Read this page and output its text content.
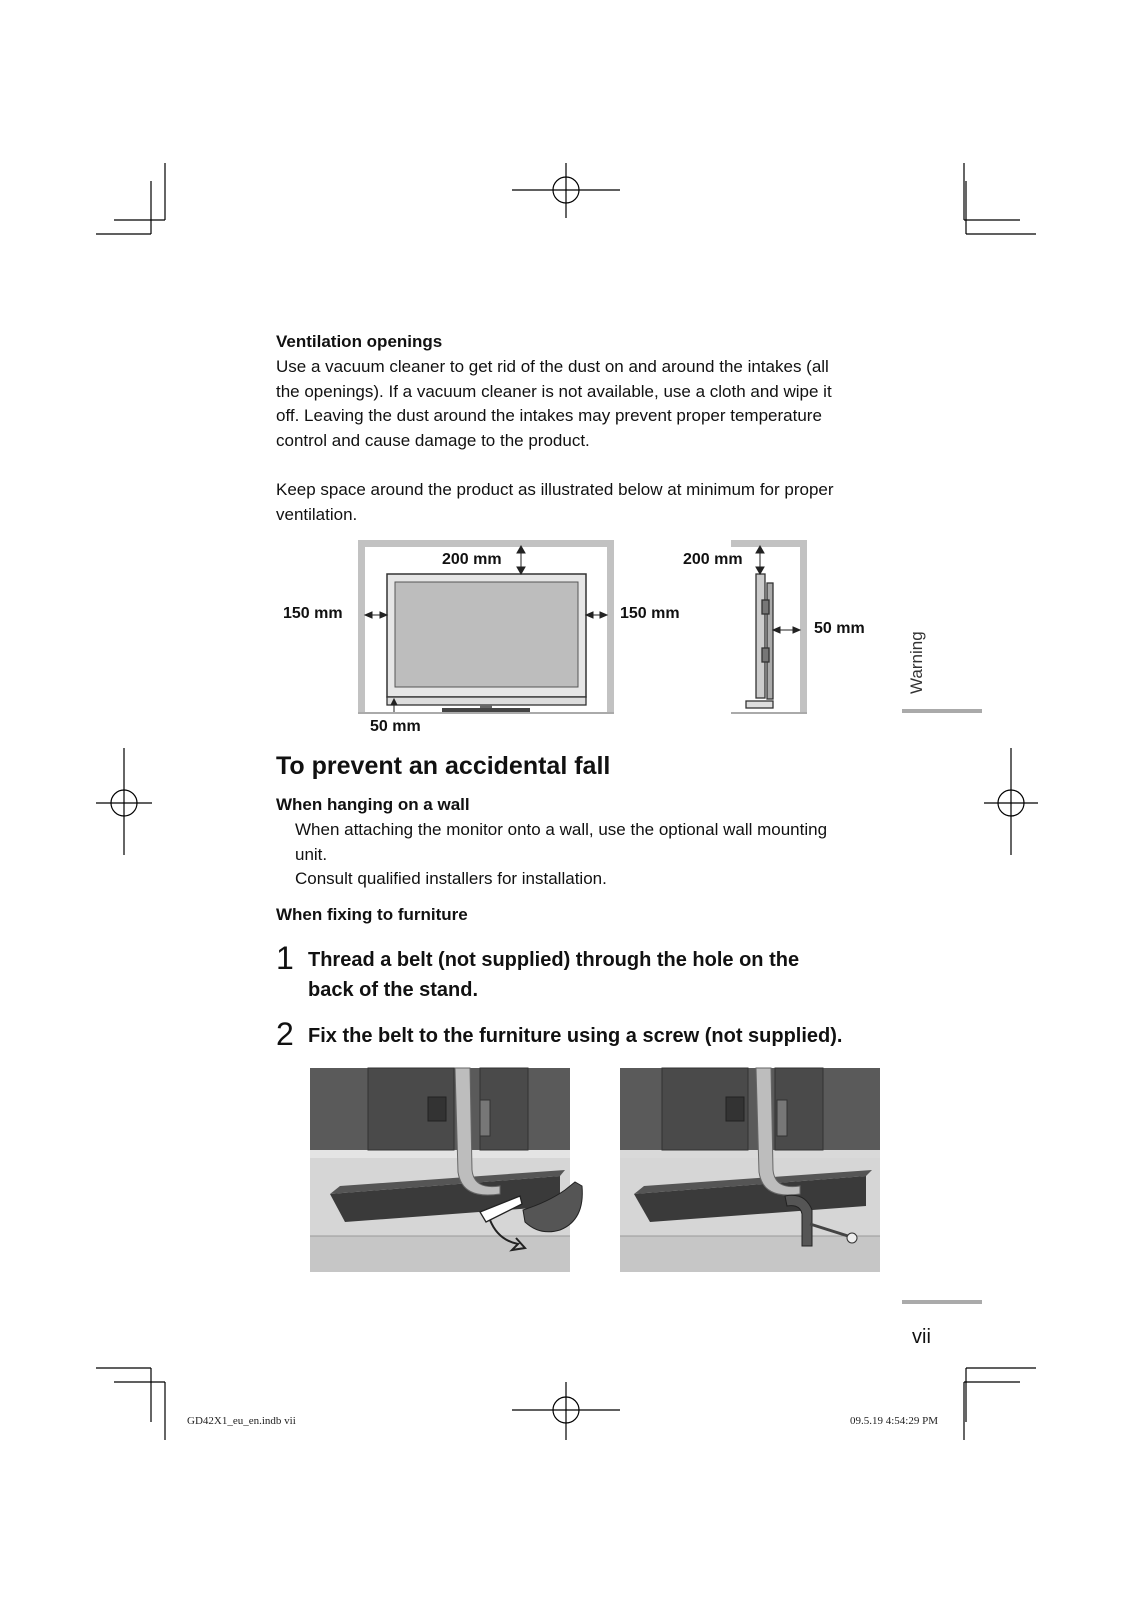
Ventilation openings
Use a vacuum cleaner to get rid of the dust on and around the intakes (all
the openings). If a vacuum cleaner is not available, use a cloth and wipe it
off. Leaving the dust around the intakes may prevent proper temperature
control and cause damage to the product.
Keep space around the product as illustrated below at minimum for proper
ventilation.
200 mm
150 mm	150 mm
50 mm
200 mm
50 mm
Warning
To prevent an accidental fall
When hanging on a wall
When attaching the monitor onto a wall, use the optional wall mounting
unit.
Consult qualified installers for installation.
When fixing to furniture
1 Thread a belt (not supplied) through the hole on the
back of the stand.
2 Fix the belt to the furniture using a screw (not supplied).
vii
GD42X1_eu_en.indb vii	09.5.19 4:54:29 PM
